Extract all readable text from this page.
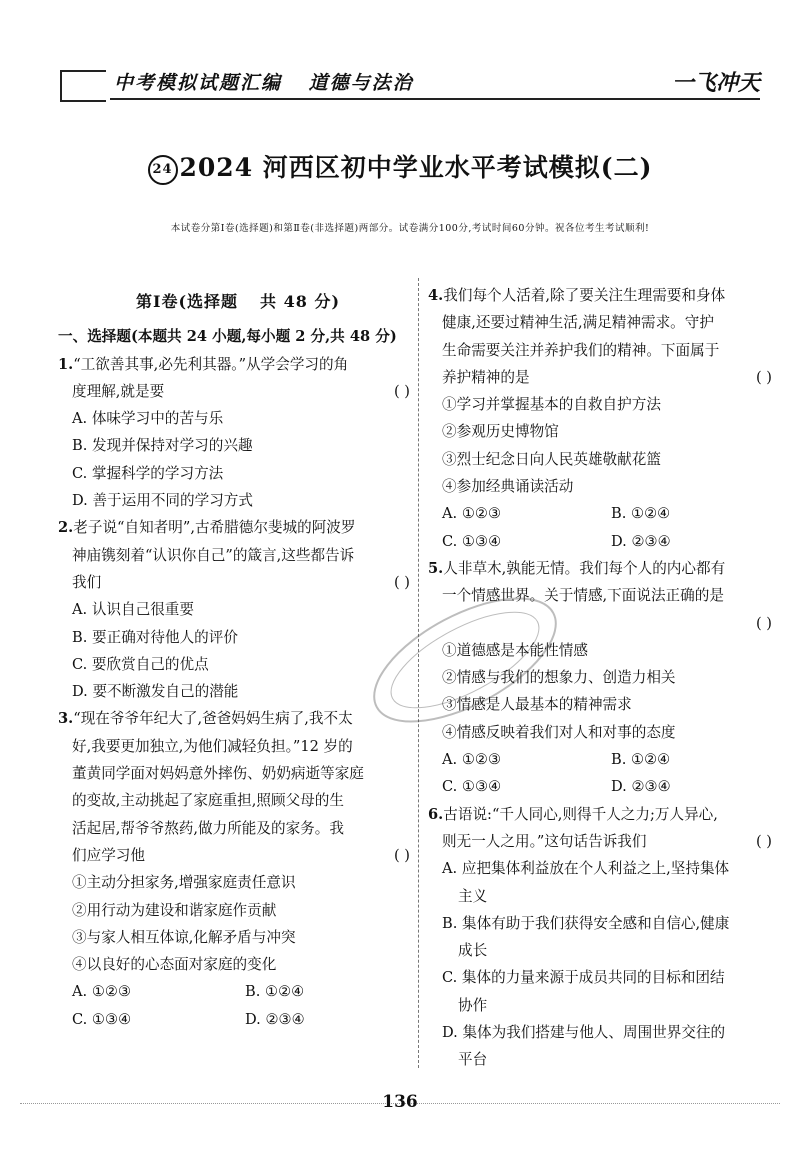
中考模拟试题汇编 道德与法治	一飞冲天
24 2024 河西区初中学业水平考试模拟(二)
本试卷分第Ⅰ卷(选择题)和第Ⅱ卷(非选择题)两部分。试卷满分100分,考试时间60分钟。祝各位考生考试顺利!
第Ⅰ卷(选择题 共 48 分)
一、选择题(本题共 24 小题,每小题 2 分,共 48 分)
1.“工欲善其事,必先利其器。”从学会学习的角
度理解,就是要	( )
A. 体味学习中的苦与乐
B. 发现并保持对学习的兴趣
C. 掌握科学的学习方法
D. 善于运用不同的学习方式
2.老子说“自知者明”,古希腊德尔斐城的阿波罗
神庙镌刻着“认识你自己”的箴言,这些都告诉
我们	( )
A. 认识自己很重要
B. 要正确对待他人的评价
C. 要欣赏自己的优点
D. 要不断激发自己的潜能
3.“现在爷爷年纪大了,爸爸妈妈生病了,我不太
好,我要更加独立,为他们减轻负担。”12 岁的
董黄同学面对妈妈意外摔伤、奶奶病逝等家庭
的变故,主动挑起了家庭重担,照顾父母的生
活起居,帮爷爷熬药,做力所能及的家务。我
们应学习他	( )
①主动分担家务,增强家庭责任意识
②用行动为建设和谐家庭作贡献
③与家人相互体谅,化解矛盾与冲突
④以良好的心态面对家庭的变化
A. ①②③	B. ①②④
C. ①③④	D. ②③④
4.我们每个人活着,除了要关注生理需要和身体
健康,还要过精神生活,满足精神需求。守护
生命需要关注并养护我们的精神。下面属于
养护精神的是	( )
①学习并掌握基本的自救自护方法
②参观历史博物馆
③烈士纪念日向人民英雄敬献花篮
④参加经典诵读活动
A. ①②③	B. ①②④
C. ①③④	D. ②③④
5.人非草木,孰能无情。我们每个人的内心都有
一个情感世界。关于情感,下面说法正确的是
( )

①道德感是本能性情感
②情感与我们的想象力、创造力相关
③情感是人最基本的精神需求
④情感反映着我们对人和对事的态度
A. ①②③	B. ①②④
C. ①③④	D. ②③④
6.古语说:“千人同心,则得千人之力;万人异心,
则无一人之用。”这句话告诉我们	( )
A. 应把集体利益放在个人利益之上,坚持集体
主义
B. 集体有助于我们获得安全感和自信心,健康
成长
C. 集体的力量来源于成员共同的目标和团结
协作
D. 集体为我们搭建与他人、周围世界交往的
平台
136
